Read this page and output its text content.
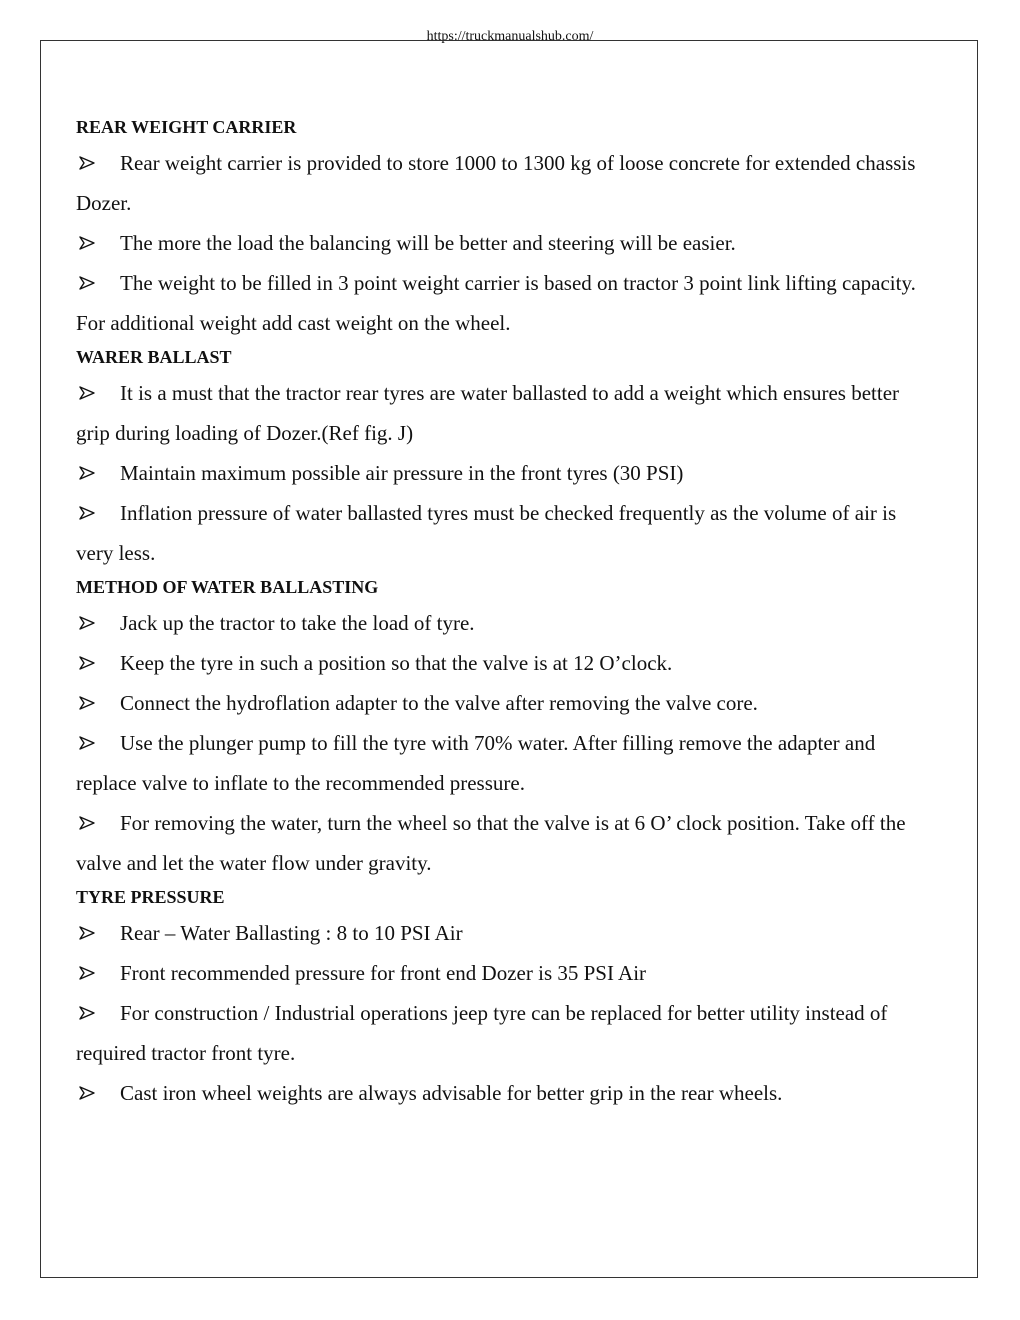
https://truckmanualshub.com/
REAR WEIGHT CARRIER
Rear weight carrier is provided to store 1000 to 1300 kg of loose concrete for extended chassis Dozer.
The more the load the balancing will be better and steering will be easier.
The weight to be filled in 3 point weight carrier is based on tractor 3 point link lifting capacity. For additional weight add cast weight on the wheel.
WARER BALLAST
It is a must that the tractor rear tyres are water ballasted to add a weight which ensures better grip during loading of Dozer.(Ref fig. J)
Maintain maximum possible air pressure in the front tyres (30 PSI)
Inflation pressure of water ballasted tyres must be checked frequently as the volume of air is very less.
METHOD OF WATER BALLASTING
Jack up the tractor to take the load of tyre.
Keep the tyre in such a position so that the valve is at 12 O’clock.
Connect the hydroflation adapter to the valve after removing the valve core.
Use the plunger pump to fill the tyre with 70% water. After filling remove the adapter and replace valve to inflate to the recommended pressure.
For removing the water, turn the wheel so that the valve is at 6 O’ clock position. Take off the valve and let the water flow under gravity.
TYRE PRESSURE
Rear – Water Ballasting : 8 to 10 PSI Air
Front recommended pressure for front end Dozer is 35 PSI Air
For construction / Industrial operations jeep tyre can be replaced for better utility instead of required tractor front tyre.
Cast iron wheel weights are always advisable for better grip in the rear wheels.
